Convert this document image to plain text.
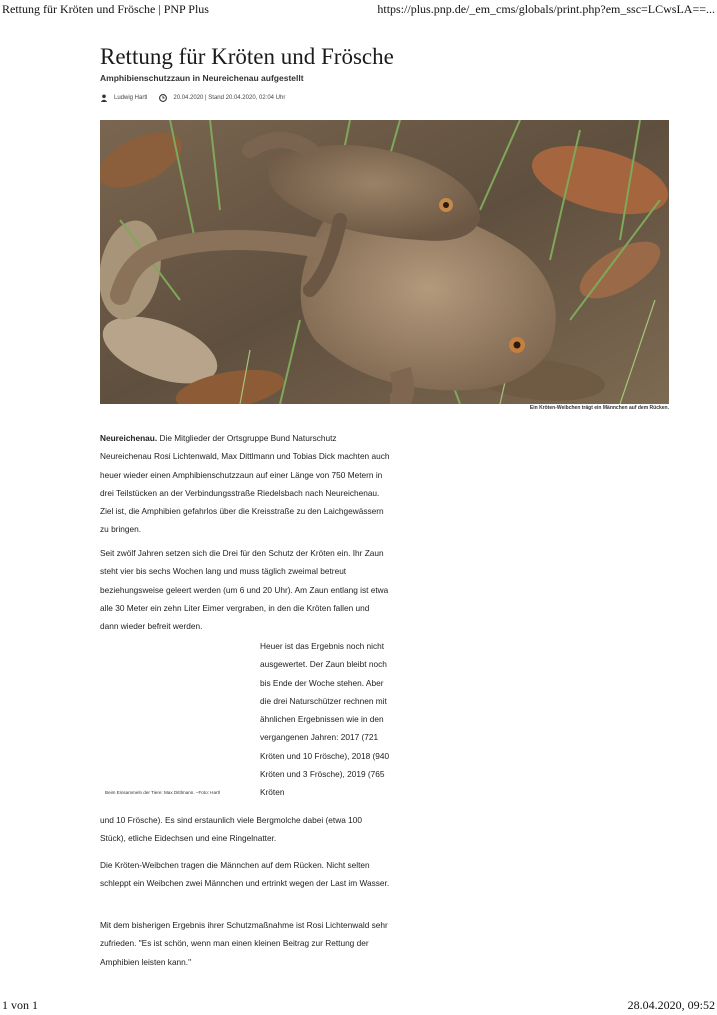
Rettung für Kröten und Frösche | PNP Plus	https://plus.pnp.de/_em_cms/globals/print.php?em_ssc=LCwsLA==...
Rettung für Kröten und Frösche
Amphibienschutzzaun in Neureichenau aufgestellt
Ludwig Hartl	20.04.2020 | Stand 20.04.2020, 02:04 Uhr
Ein Kröten-Weibchen trägt ein Männchen auf dem Rücken.

Neureichenau. Die Mitglieder der Ortsgruppe Bund Naturschutz Neureichenau Rosi Lichtenwald, Max Dittlmann und Tobias Dick machten auch heuer wieder einen Amphibienschutzzaun auf einer Länge von 750 Metern in drei Teilstücken an der Verbindungsstraße Riedelsbach nach Neureichenau. Ziel ist, die Amphibien gefahrlos über die Kreisstraße zu den Laichgewässern zu bringen.

Seit zwölf Jahren setzen sich die Drei für den Schutz der Kröten ein. Ihr Zaun steht vier bis sechs Wochen lang und muss täglich zweimal betreut beziehungsweise geleert werden (um 6 und 20 Uhr). Am Zaun entlang ist etwa alle 30 Meter ein zehn Liter Eimer vergraben, in den die Kröten fallen und dann wieder befreit werden.

Heuer ist das Ergebnis noch nicht ausgewertet. Der Zaun bleibt noch bis Ende der Woche stehen. Aber die drei Naturschützer rechnen mit ähnlichen Ergebnissen wie in den vergangenen Jahren: 2017 (721 Kröten und 10 Frösche), 2018 (940 Kröten und 3 Frösche), 2019 (765 Kröten

Beim Einsammeln der Tiere: Max Dittlmann. –Foto: Hartl

und 10 Frösche). Es sind erstaunlich viele Bergmolche dabei (etwa 100 Stück), etliche Eidechsen und eine Ringelnatter.

Die Kröten-Weibchen tragen die Männchen auf dem Rücken. Nicht selten schleppt ein Weibchen zwei Männchen und ertrinkt wegen der Last im Wasser.

Mit dem bisherigen Ergebnis ihrer Schutzmaßnahme ist Rosi Lichtenwald sehr zufrieden. "Es ist schön, wenn man einen kleinen Beitrag zur Rettung der Amphibien leisten kann."

1 von 1	28.04.2020, 09:52
